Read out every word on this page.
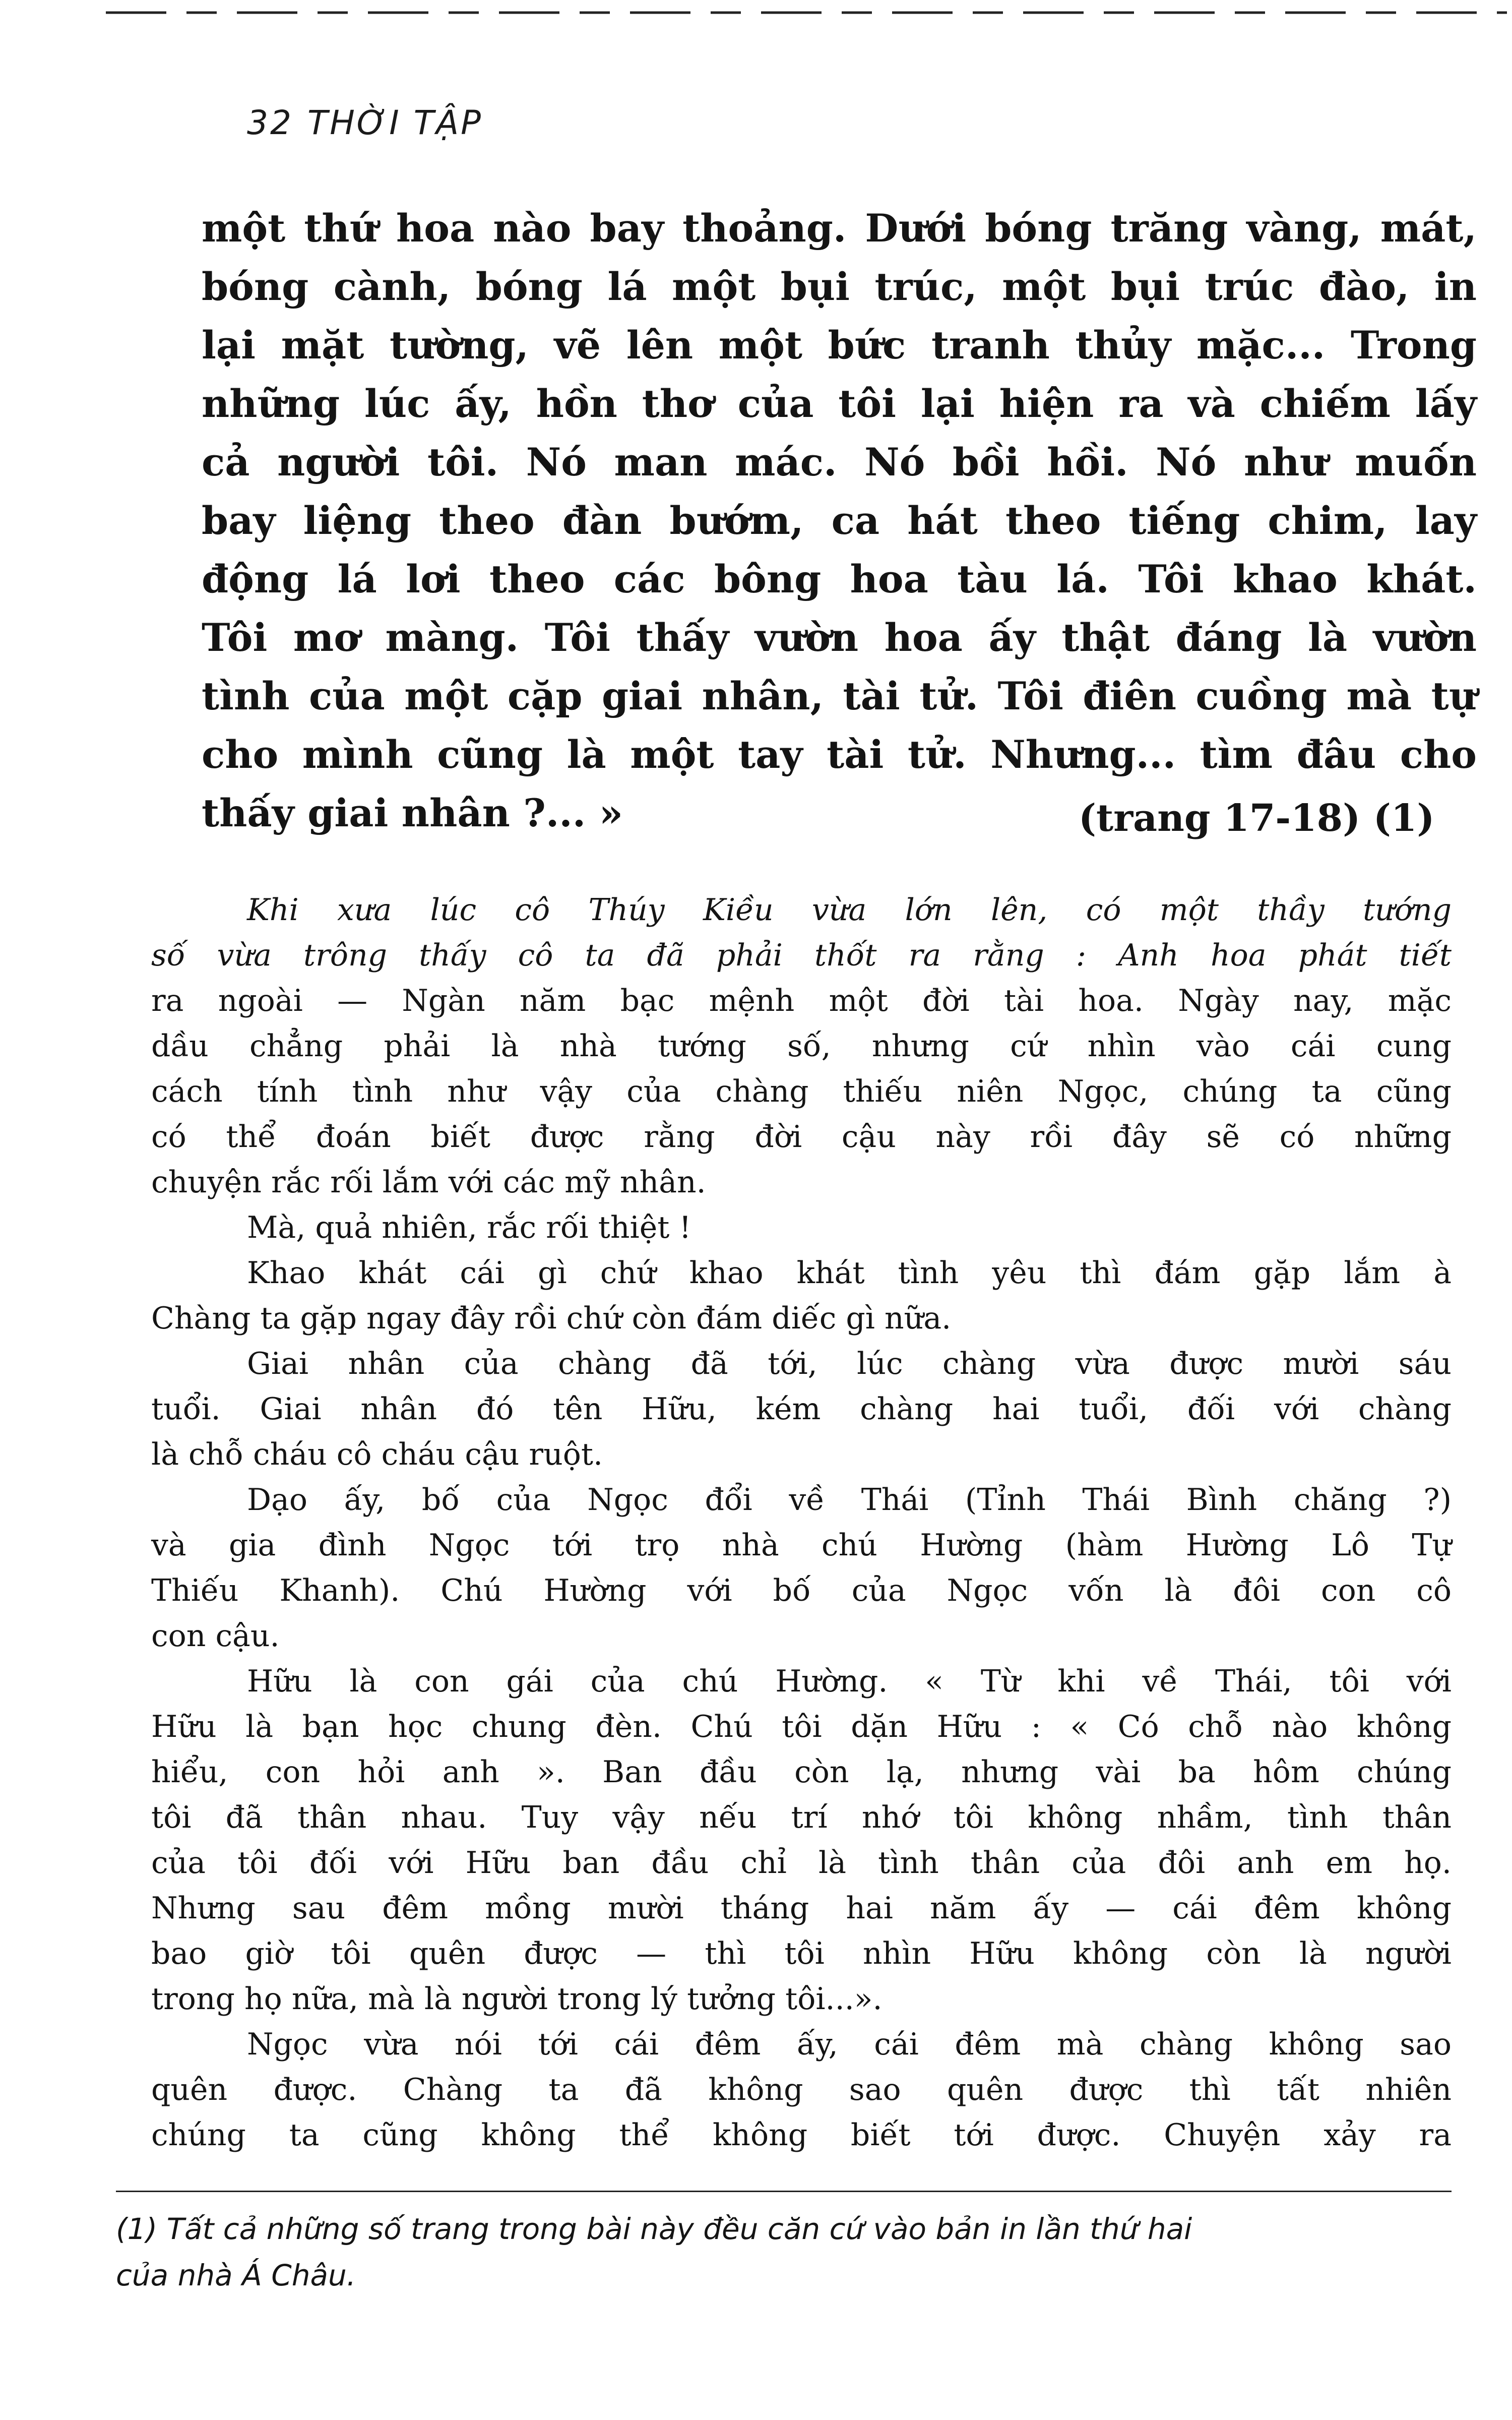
32 THỜI TẬP

một thứ hoa nào bay thoảng. Dưới bóng trăng vàng, mát,

bóng cành, bóng lá một bụi trúc, một bụi trúc đào, in

lại mặt tường, vẽ lên một bức tranh thủy mặc... Trong

những lúc ấy, hồn thơ của tôi lại hiện ra và chiếm lấy

cả người tôi. Nó man mác. Nó bồi hồi. Nó như muốn

bay liệng theo đàn bướm, ca hát theo tiếng chim, lay

động lá lơi theo các bông hoa tàu lá. Tôi khao khát.

Tôi mơ màng. Tôi thấy vườn hoa ấy thật đáng là vườn

tình của một cặp giai nhân, tài tử. Tôi điên cuồng mà tự

cho mình cũng là một tay tài tử. Nhưng... tìm đâu cho

thấy giai nhân ?... »	(trang 17-18) (1)

Khi xưa lúc cô Thúy Kiều vừa lớn lên, có một thầy tướng

số vừa trông thấy cô ta đã phải thốt ra rằng : Anh hoa phát tiết

ra ngoài — Ngàn năm bạc mệnh một đời tài hoa. Ngày nay, mặc

dầu chẳng phải là nhà tướng số, nhưng cứ nhìn vào cái cung

cách tính tình như vậy của chàng thiếu niên Ngọc, chúng ta cũng

có thể đoán biết được rằng đời cậu này rồi đây sẽ có những

chuyện rắc rối lắm với các mỹ nhân.

Mà, quả nhiên, rắc rối thiệt !

Khao khát cái gì chứ khao khát tình yêu thì đám gặp lắm à

Chàng ta gặp ngay đây rồi chứ còn đám diếc gì nữa.

Giai nhân của chàng đã tới, lúc chàng vừa được mười sáu

tuổi. Giai nhân đó tên Hữu, kém chàng hai tuổi, đối với chàng

là chỗ cháu cô cháu cậu ruột.

Dạo ấy, bố của Ngọc đổi về Thái (Tỉnh Thái Bình chăng ?)

và gia đình Ngọc tới trọ nhà chú Hường (hàm Hường Lô Tự

Thiếu Khanh). Chú Hường với bố của Ngọc vốn là đôi con cô

con cậu.

Hữu là con gái của chú Hường. « Từ khi về Thái, tôi với

Hữu là bạn học chung đèn. Chú tôi dặn Hữu : « Có chỗ nào không

hiểu, con hỏi anh ». Ban đầu còn lạ, nhưng vài ba hôm chúng

tôi đã thân nhau. Tuy vậy nếu trí nhớ tôi không nhầm, tình thân

của tôi đối với Hữu ban đầu chỉ là tình thân của đôi anh em họ.

Nhưng sau đêm mồng mười tháng hai năm ấy — cái đêm không

bao giờ tôi quên được — thì tôi nhìn Hữu không còn là người

trong họ nữa, mà là người trong lý tưởng tôi...».

Ngọc vừa nói tới cái đêm ấy, cái đêm mà chàng không sao

quên được. Chàng ta đã không sao quên được thì tất nhiên

chúng ta cũng không thể không biết tới được. Chuyện xảy ra

(1) Tất cả những số trang trong bài này đều căn cứ vào bản in lần thứ hai

của nhà Á Châu.
